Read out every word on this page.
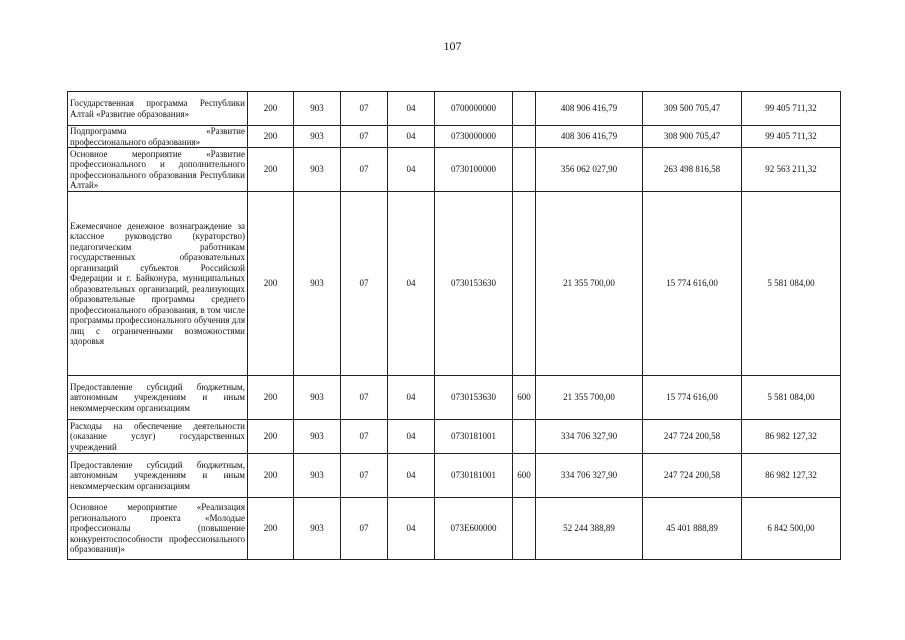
107
Государственная программа Республики Алтай «Развитие образования»	200	903	07	04	0700000000		408 906 416,79	309 500 705,47	99 405 711,32
Подпрограмма «Развитие профессионального образования»	200	903	07	04	0730000000		408 306 416,79	308 900 705,47	99 405 711,32
Основное мероприятие «Развитие профессионального и дополнительного профессионального образования Республики Алтай»	200	903	07	04	0730100000		356 062 027,90	263 498 816,58	92 563 211,32
Ежемесячное денежное вознаграждение за классное руководство (кураторство) педагогическим работникам государственных образовательных организаций субъектов Российской Федерации и г. Байконура, муниципальных образовательных организаций, реализующих образовательные программы среднего профессионального образования, в том числе программы профессионального обучения для лиц с ограниченными возможностями здоровья	200	903	07	04	0730153630		21 355 700,00	15 774 616,00	5 581 084,00
Предоставление субсидий бюджетным, автономным учреждениям и иным некоммерческим организациям	200	903	07	04	0730153630	600	21 355 700,00	15 774 616,00	5 581 084,00
Расходы на обеспечение деятельности (оказание услуг) государственных учреждений	200	903	07	04	0730181001		334 706 327,90	247 724 200,58	86 982 127,32
Предоставление субсидий бюджетным, автономным учреждениям и иным некоммерческим организациям	200	903	07	04	0730181001	600	334 706 327,90	247 724 200,58	86 982 127,32
Основное мероприятие «Реализация регионального проекта «Молодые профессионалы (повышение конкурентоспособности профессионального образования)»	200	903	07	04	073E600000		52 244 388,89	45 401 888,89	6 842 500,00
